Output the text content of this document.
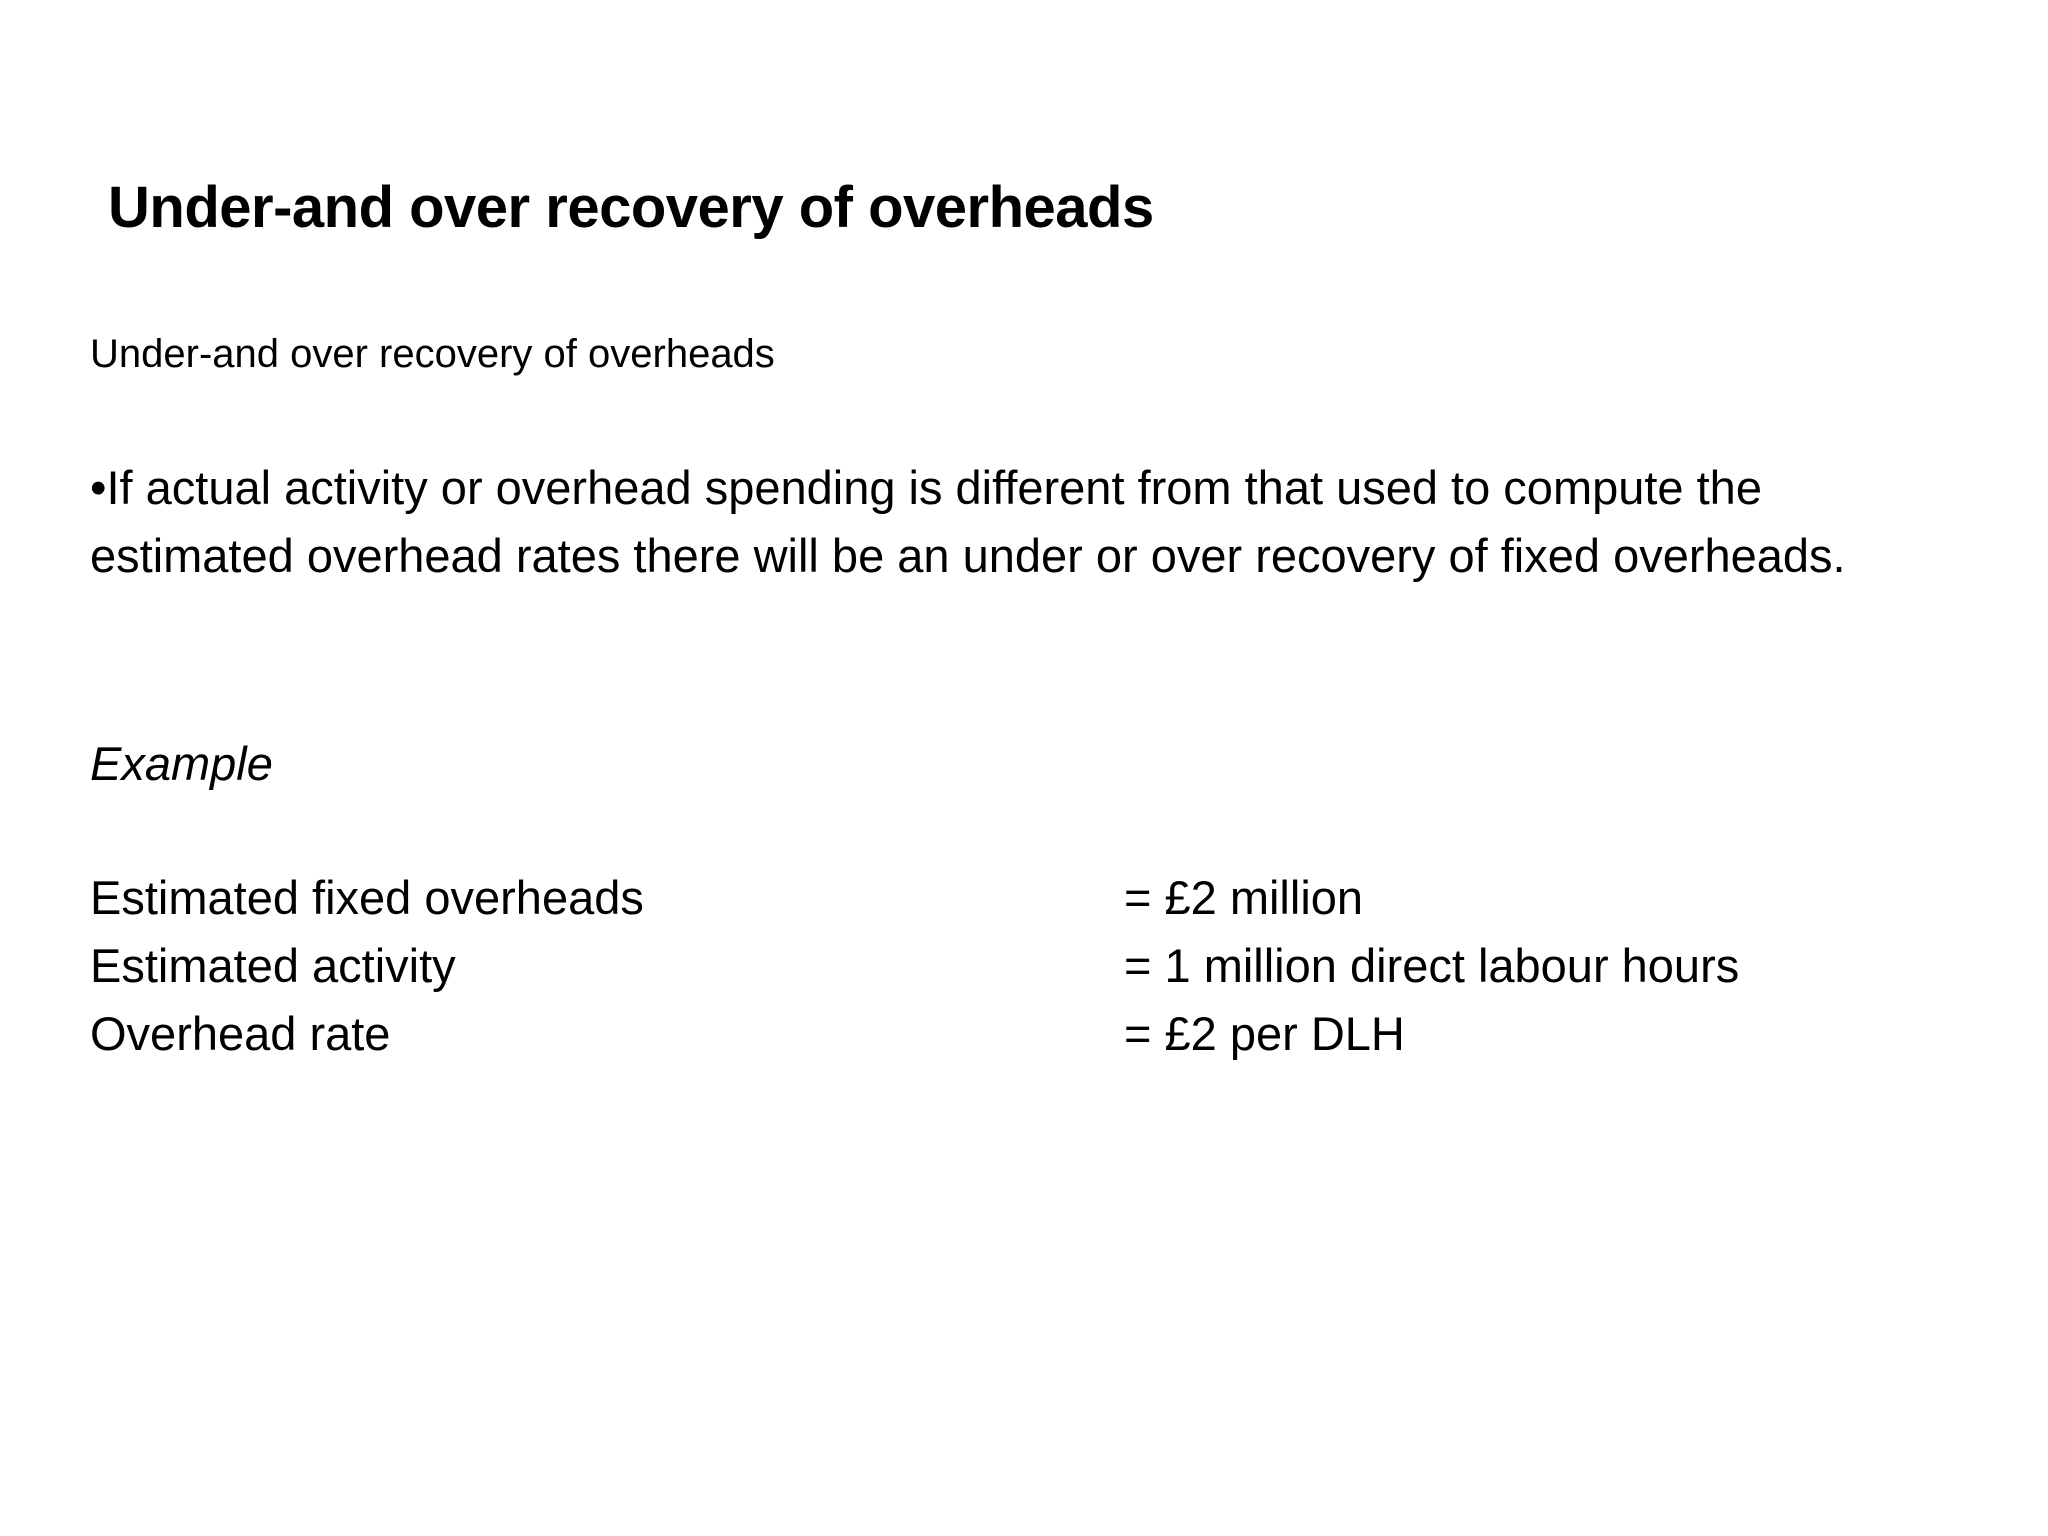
Under-and over recovery of overheads
Under-and over recovery of overheads
•If actual activity or overhead spending is different from that used to compute the estimated overhead rates there will be an under or over recovery of fixed overheads.
Example
Estimated fixed overheads	= £2 million
Estimated activity	= 1 million direct labour hours
Overhead rate	= £2 per DLH
